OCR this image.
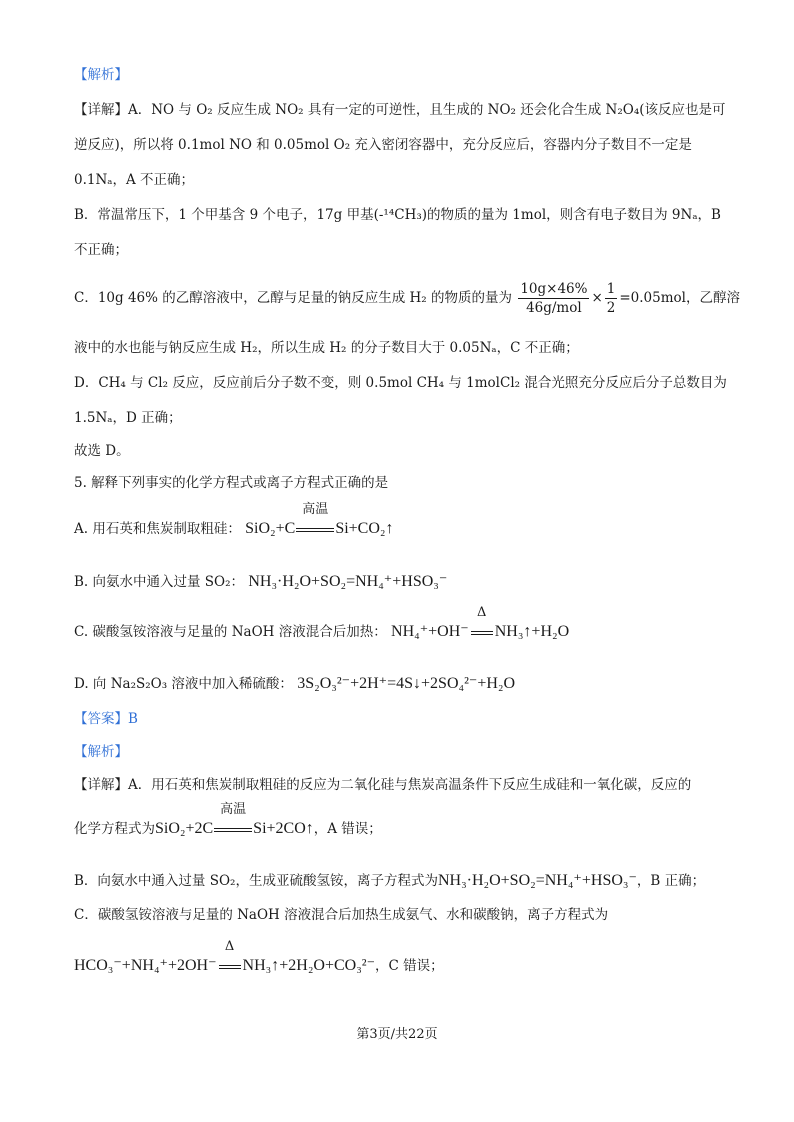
【解析】
【详解】A．NO 与 O₂ 反应生成 NO₂ 具有一定的可逆性，且生成的 NO₂ 还会化合生成 N₂O₄(该反应也是可
逆反应)，所以将 0.1mol NO 和 0.05mol O₂ 充入密闭容器中，充分反应后，容器内分子数目不一定是
0.1Nₐ，A 不正确；
B．常温常压下，1 个甲基含 9 个电子，17g 甲基(-¹⁴CH₃)的物质的量为 1mol，则含有电子数目为 9Nₐ，B
不正确；
C．10g 46% 的乙醇溶液中，乙醇与足量的钠反应生成 H₂ 的物质的量为 $\frac{10g\times 46\%}{\text{46g/mol}} \times \frac{1}{2} =0.05mol$，乙醇溶
液中的水也能与钠反应生成 H₂，所以生成 H₂ 的分子数目大于 0.05Nₐ，C 不正确；
D．CH₄ 与 Cl₂ 反应，反应前后分子数不变，则 0.5mol CH₄ 与 1molCl₂ 混合光照充分反应后分子总数目为
1.5Nₐ，D 正确；
故选 D。
5. 解释下列事实的化学方程式或离子方程式正确的是
A. 用石英和焦炭制取粗硅： SiO₂+C
高温
Si+CO₂↑
B. 向氨水中通入过量 SO₂： NH₃·H₂O+SO₂=NH₄⁺+HSO₃⁻
C. 碳酸氢铵溶液与足量的 NaOH 溶液混合后加热： NH₄⁺+OH⁻
Δ
NH₃↑+H₂O
D. 向 Na₂S₂O₃ 溶液中加入稀硫酸： 3S₂O₃²⁻+2H⁺=4S↓+2SO₄²⁻+H₂O
【答案】B
【解析】
【详解】A．用石英和焦炭制取粗硅的反应为二氧化硅与焦炭高温条件下反应生成硅和一氧化碳，反应的
化学方程式为SiO₂+2C
高温
Si+2CO↑，A 错误；
B．向氨水中通入过量 SO₂，生成亚硫酸氢铵，离子方程式为NH₃·H₂O+SO₂=NH₄⁺+HSO₃⁻，B 正确；
C．碳酸氢铵溶液与足量的 NaOH 溶液混合后加热生成氨气、水和碳酸钠，离子方程式为
HCO₃⁻+NH₄⁺+2OH⁻
Δ
NH₃↑+2H₂O+CO₃²⁻，C 错误；
第3页/共22页
